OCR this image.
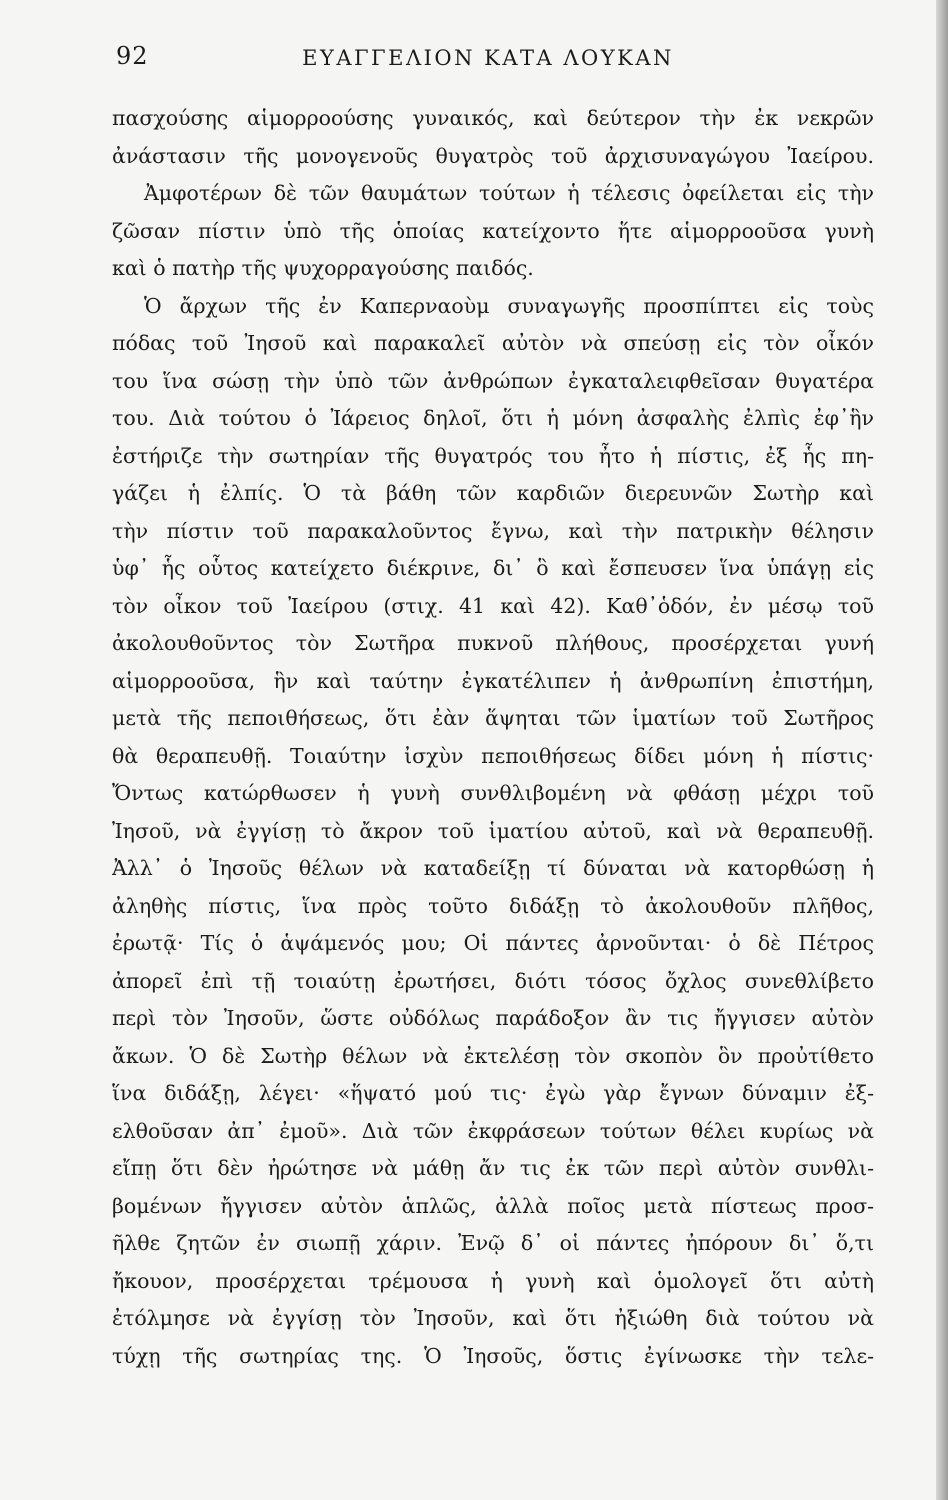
92	ΕΥΑΓΓΕΛΙΟΝ ΚΑΤΑ ΛΟΥΚΑΝ
πασχούσης αἱμορροούσης γυναικός, καὶ δεύτερον τὴν ἐκ νεκρῶν
ἀνάστασιν τῆς μονογενοῦς θυγατρὸς τοῦ ἀρχισυναγώγου Ἰαείρου.
Ἀμφοτέρων δὲ τῶν θαυμάτων τούτων ἡ τέλεσις ὀφείλεται εἰς τὴν
ζῶσαν πίστιν ὑπὸ τῆς ὁποίας κατείχοντο ἥτε αἱμορροοῦσα γυνὴ
καὶ ὁ πατὴρ τῆς ψυχορραγούσης παιδός.
Ὁ ἄρχων τῆς ἐν Καπερναοὺμ συναγωγῆς προσπίπτει εἰς τοὺς
πόδας τοῦ Ἰησοῦ καὶ παρακαλεῖ αὐτὸν νὰ σπεύσῃ εἰς τὸν οἶκόν
του ἵνα σώσῃ τὴν ὑπὸ τῶν ἀνθρώπων ἐγκαταλειφθεῖσαν θυγατέρα
του. Διὰ τούτου ὁ Ἰάρειος δηλοῖ, ὅτι ἡ μόνη ἀσφαλὴς ἐλπὶς ἐφ᾽ἣν
ἐστήριζε τὴν σωτηρίαν τῆς θυγατρός του ἦτο ἡ πίστις, ἐξ ἧς πη-
γάζει ἡ ἐλπίς. Ὁ τὰ βάθη τῶν καρδιῶν διερευνῶν Σωτὴρ καὶ
τὴν πίστιν τοῦ παρακαλοῦντος ἔγνω, καὶ τὴν πατρικὴν θέλησιν
ὑφ᾽ ἧς οὗτος κατείχετο διέκρινε, δι᾽ ὃ καὶ ἔσπευσεν ἵνα ὑπάγῃ εἰς
τὸν οἶκον τοῦ Ἰαείρου (στιχ. 41 καὶ 42). Καθ᾽ὁδόν, ἐν μέσῳ τοῦ
ἀκολουθοῦντος τὸν Σωτῆρα πυκνοῦ πλήθους, προσέρχεται γυνή
αἱμορροοῦσα, ἣν καὶ ταύτην ἐγκατέλιπεν ἡ ἀνθρωπίνη ἐπιστήμη,
μετὰ τῆς πεποιθήσεως, ὅτι ἐὰν ἅψηται τῶν ἱματίων τοῦ Σωτῆρος
θὰ θεραπευθῇ. Τοιαύτην ἰσχὺν πεποιθήσεως δίδει μόνη ἡ πίστις·
Ὄντως κατώρθωσεν ἡ γυνὴ συνθλιβομένη νὰ φθάσῃ μέχρι τοῦ
Ἰησοῦ, νὰ ἐγγίσῃ τὸ ἄκρον τοῦ ἱματίου αὐτοῦ, καὶ νὰ θεραπευθῇ.
Ἀλλ᾽ ὁ Ἰησοῦς θέλων νὰ καταδείξῃ τί δύναται νὰ κατορθώσῃ ἡ
ἀληθὴς πίστις, ἵνα πρὸς τοῦτο διδάξῃ τὸ ἀκολουθοῦν πλῆθος,
ἐρωτᾷ· Τίς ὁ ἁψάμενός μου; Οἱ πάντες ἀρνοῦνται· ὁ δὲ Πέτρος
ἀπορεῖ ἐπὶ τῇ τοιαύτῃ ἐρωτήσει, διότι τόσος ὄχλος συνεθλίβετο
περὶ τὸν Ἰησοῦν, ὥστε οὐδόλως παράδοξον ἂν τις ἤγγισεν αὐτὸν
ἄκων. Ὁ δὲ Σωτὴρ θέλων νὰ ἐκτελέσῃ τὸν σκοπὸν ὃν προὐτίθετο
ἵνα διδάξῃ, λέγει· «ἥψατό μού τις· ἐγὼ γὰρ ἔγνων δύναμιν ἐξ-
ελθοῦσαν ἀπ᾽ ἐμοῦ». Διὰ τῶν ἐκφράσεων τούτων θέλει κυρίως νὰ
εἴπῃ ὅτι δὲν ἠρώτησε νὰ μάθῃ ἄν τις ἐκ τῶν περὶ αὐτὸν συνθλι-
βομένων ἤγγισεν αὐτὸν ἁπλῶς, ἀλλὰ ποῖος μετὰ πίστεως προσ-
ῆλθε ζητῶν ἐν σιωπῇ χάριν. Ἐνῷ δ᾽ οἱ πάντες ἠπόρουν δι᾽ ὅ,τι
ἤκουον, προσέρχεται τρέμουσα ἡ γυνὴ καὶ ὁμολογεῖ ὅτι αὐτὴ
ἐτόλμησε νὰ ἐγγίσῃ τὸν Ἰησοῦν, καὶ ὅτι ἠξιώθη διὰ τούτου νὰ
τύχῃ τῆς σωτηρίας της. Ὁ Ἰησοῦς, ὅστις ἐγίνωσκε τὴν τελε-
